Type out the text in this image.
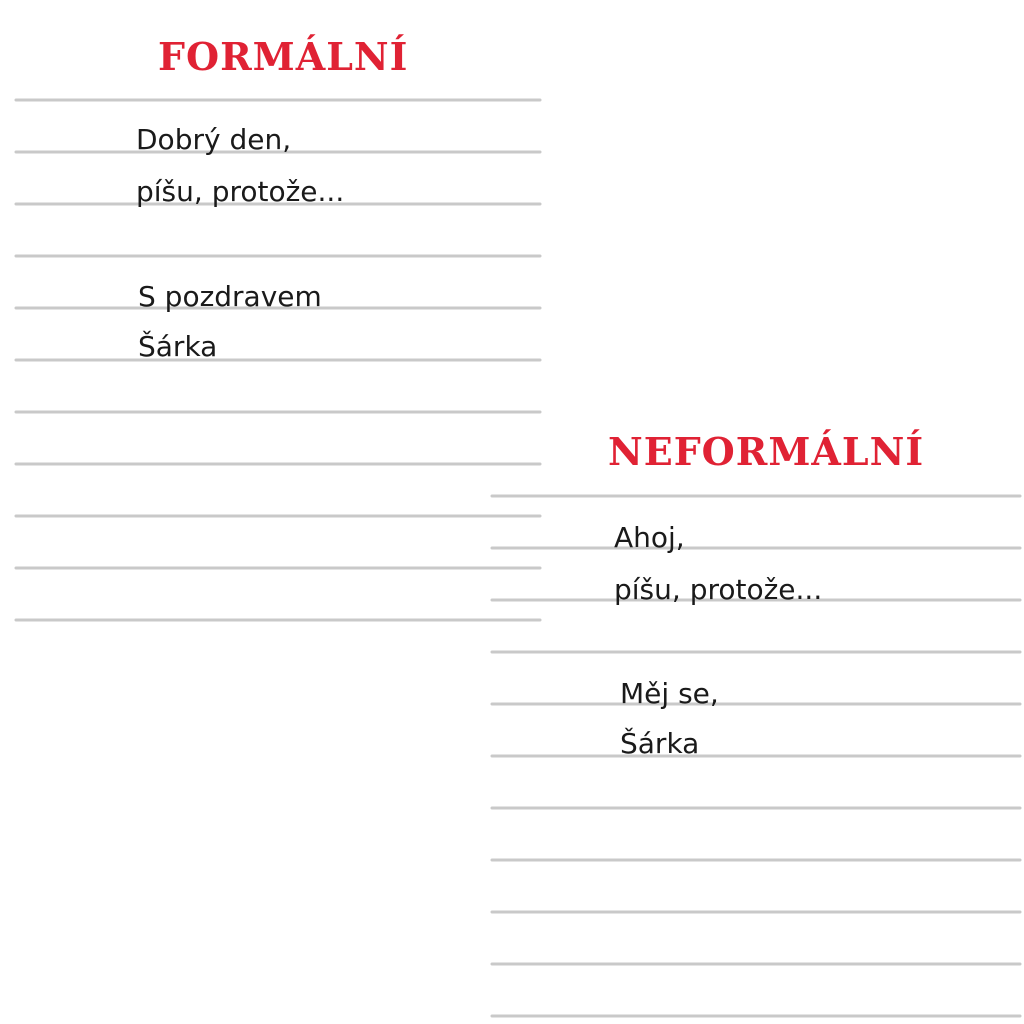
FORMÁLNÍ

Dobrý den,

píšu, protože...

S pozdravem

Šárka

NEFORMÁLNÍ

Ahoj,

píšu, protože...

Měj se,

Šárka
